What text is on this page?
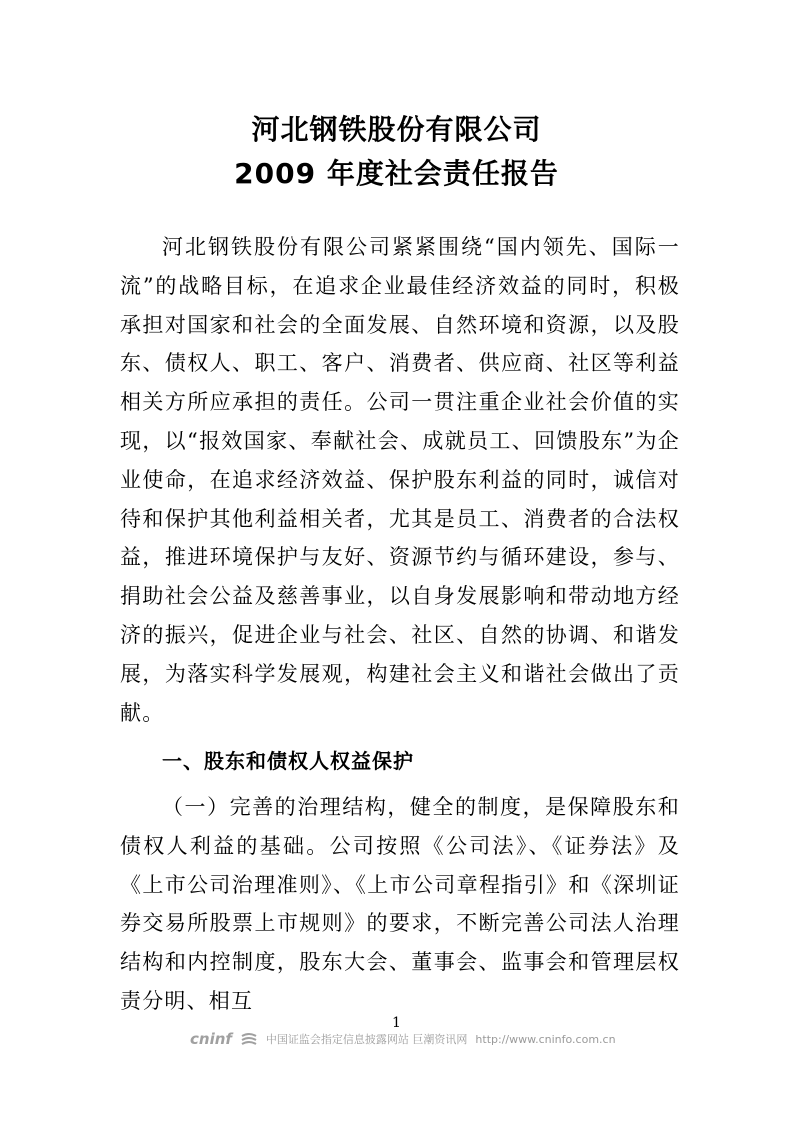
河北钢铁股份有限公司
2009 年度社会责任报告

河北钢铁股份有限公司紧紧围绕“国内领先、国际一流”的战略目标，在追求企业最佳经济效益的同时，积极承担对国家和社会的全面发展、自然环境和资源，以及股东、债权人、职工、客户、消费者、供应商、社区等利益相关方所应承担的责任。公司一贯注重企业社会价值的实现，以“报效国家、奉献社会、成就员工、回馈股东”为企业使命，在追求经济效益、保护股东利益的同时，诚信对待和保护其他利益相关者，尤其是员工、消费者的合法权益，推进环境保护与友好、资源节约与循环建设，参与、捐助社会公益及慈善事业，以自身发展影响和带动地方经济的振兴，促进企业与社会、社区、自然的协调、和谐发展，为落实科学发展观，构建社会主义和谐社会做出了贡献。

一、股东和债权人权益保护

（一）完善的治理结构，健全的制度，是保障股东和债权人利益的基础。公司按照《公司法》、《证券法》及《上市公司治理准则》、《上市公司章程指引》和《深圳证券交易所股票上市规则》的要求，不断完善公司法人治理结构和内控制度，股东大会、董事会、监事会和管理层权责分明、相互

1
cninf	中国证监会指定信息披露网站 巨潮资讯网 http://www.cninfo.com.cn
